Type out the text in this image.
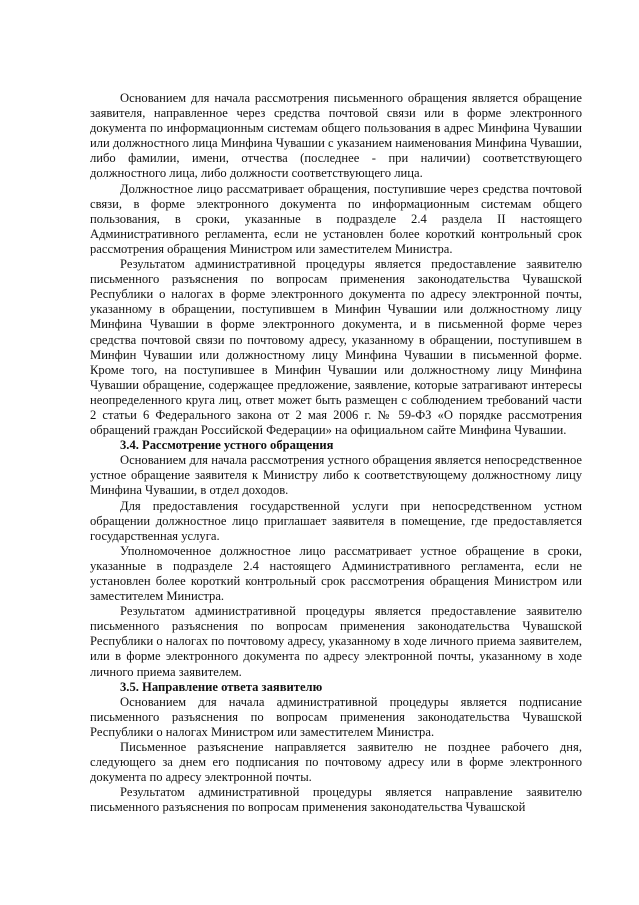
Основанием для начала рассмотрения письменного обращения является обращение заявителя, направленное через средства почтовой связи или в форме электронного документа по информационным системам общего пользования в адрес Минфина Чувашии или должностного лица Минфина Чувашии с указанием наименования Минфина Чувашии, либо фамилии, имени, отчества (последнее - при наличии) соответствующего должностного лица, либо должности соответствующего лица.

Должностное лицо рассматривает обращения, поступившие через средства почтовой связи, в форме электронного документа по информационным системам общего пользования, в сроки, указанные в подразделе 2.4 раздела II настоящего Административного регламента, если не установлен более короткий контрольный срок рассмотрения обращения Министром или заместителем Министра.

Результатом административной процедуры является предоставление заявителю письменного разъяснения по вопросам применения законодательства Чувашской Республики о налогах в форме электронного документа по адресу электронной почты, указанному в обращении, поступившем в Минфин Чувашии или должностному лицу Минфина Чувашии в форме электронного документа, и в письменной форме через средства почтовой связи по почтовому адресу, указанному в обращении, поступившем в Минфин Чувашии или должностному лицу Минфина Чувашии в письменной форме. Кроме того, на поступившее в Минфин Чувашии или должностному лицу Минфина Чувашии обращение, содержащее предложение, заявление, которые затрагивают интересы неопределенного круга лиц, ответ может быть размещен с соблюдением требований части 2 статьи 6 Федерального закона от 2 мая 2006 г. № 59-ФЗ «О порядке рассмотрения обращений граждан Российской Федерации» на официальном сайте Минфина Чувашии.

3.4. Рассмотрение устного обращения

Основанием для начала рассмотрения устного обращения является непосредственное устное обращение заявителя к Министру либо к соответствующему должностному лицу Минфина Чувашии, в отдел доходов.

Для предоставления государственной услуги при непосредственном устном обращении должностное лицо приглашает заявителя в помещение, где предоставляется государственная услуга.

Уполномоченное должностное лицо рассматривает устное обращение в сроки, указанные в подразделе 2.4 настоящего Административного регламента, если не установлен более короткий контрольный срок рассмотрения обращения Министром или заместителем Министра.

Результатом административной процедуры является предоставление заявителю письменного разъяснения по вопросам применения законодательства Чувашской Республики о налогах по почтовому адресу, указанному в ходе личного приема заявителем, или в форме электронного документа по адресу электронной почты, указанному в ходе личного приема заявителем.

3.5. Направление ответа заявителю

Основанием для начала административной процедуры является подписание письменного разъяснения по вопросам применения законодательства Чувашской Республики о налогах Министром или заместителем Министра.

Письменное разъяснение направляется заявителю не позднее рабочего дня, следующего за днем его подписания по почтовому адресу или в форме электронного документа по адресу электронной почты.

Результатом административной процедуры является направление заявителю письменного разъяснения по вопросам применения законодательства Чувашской
